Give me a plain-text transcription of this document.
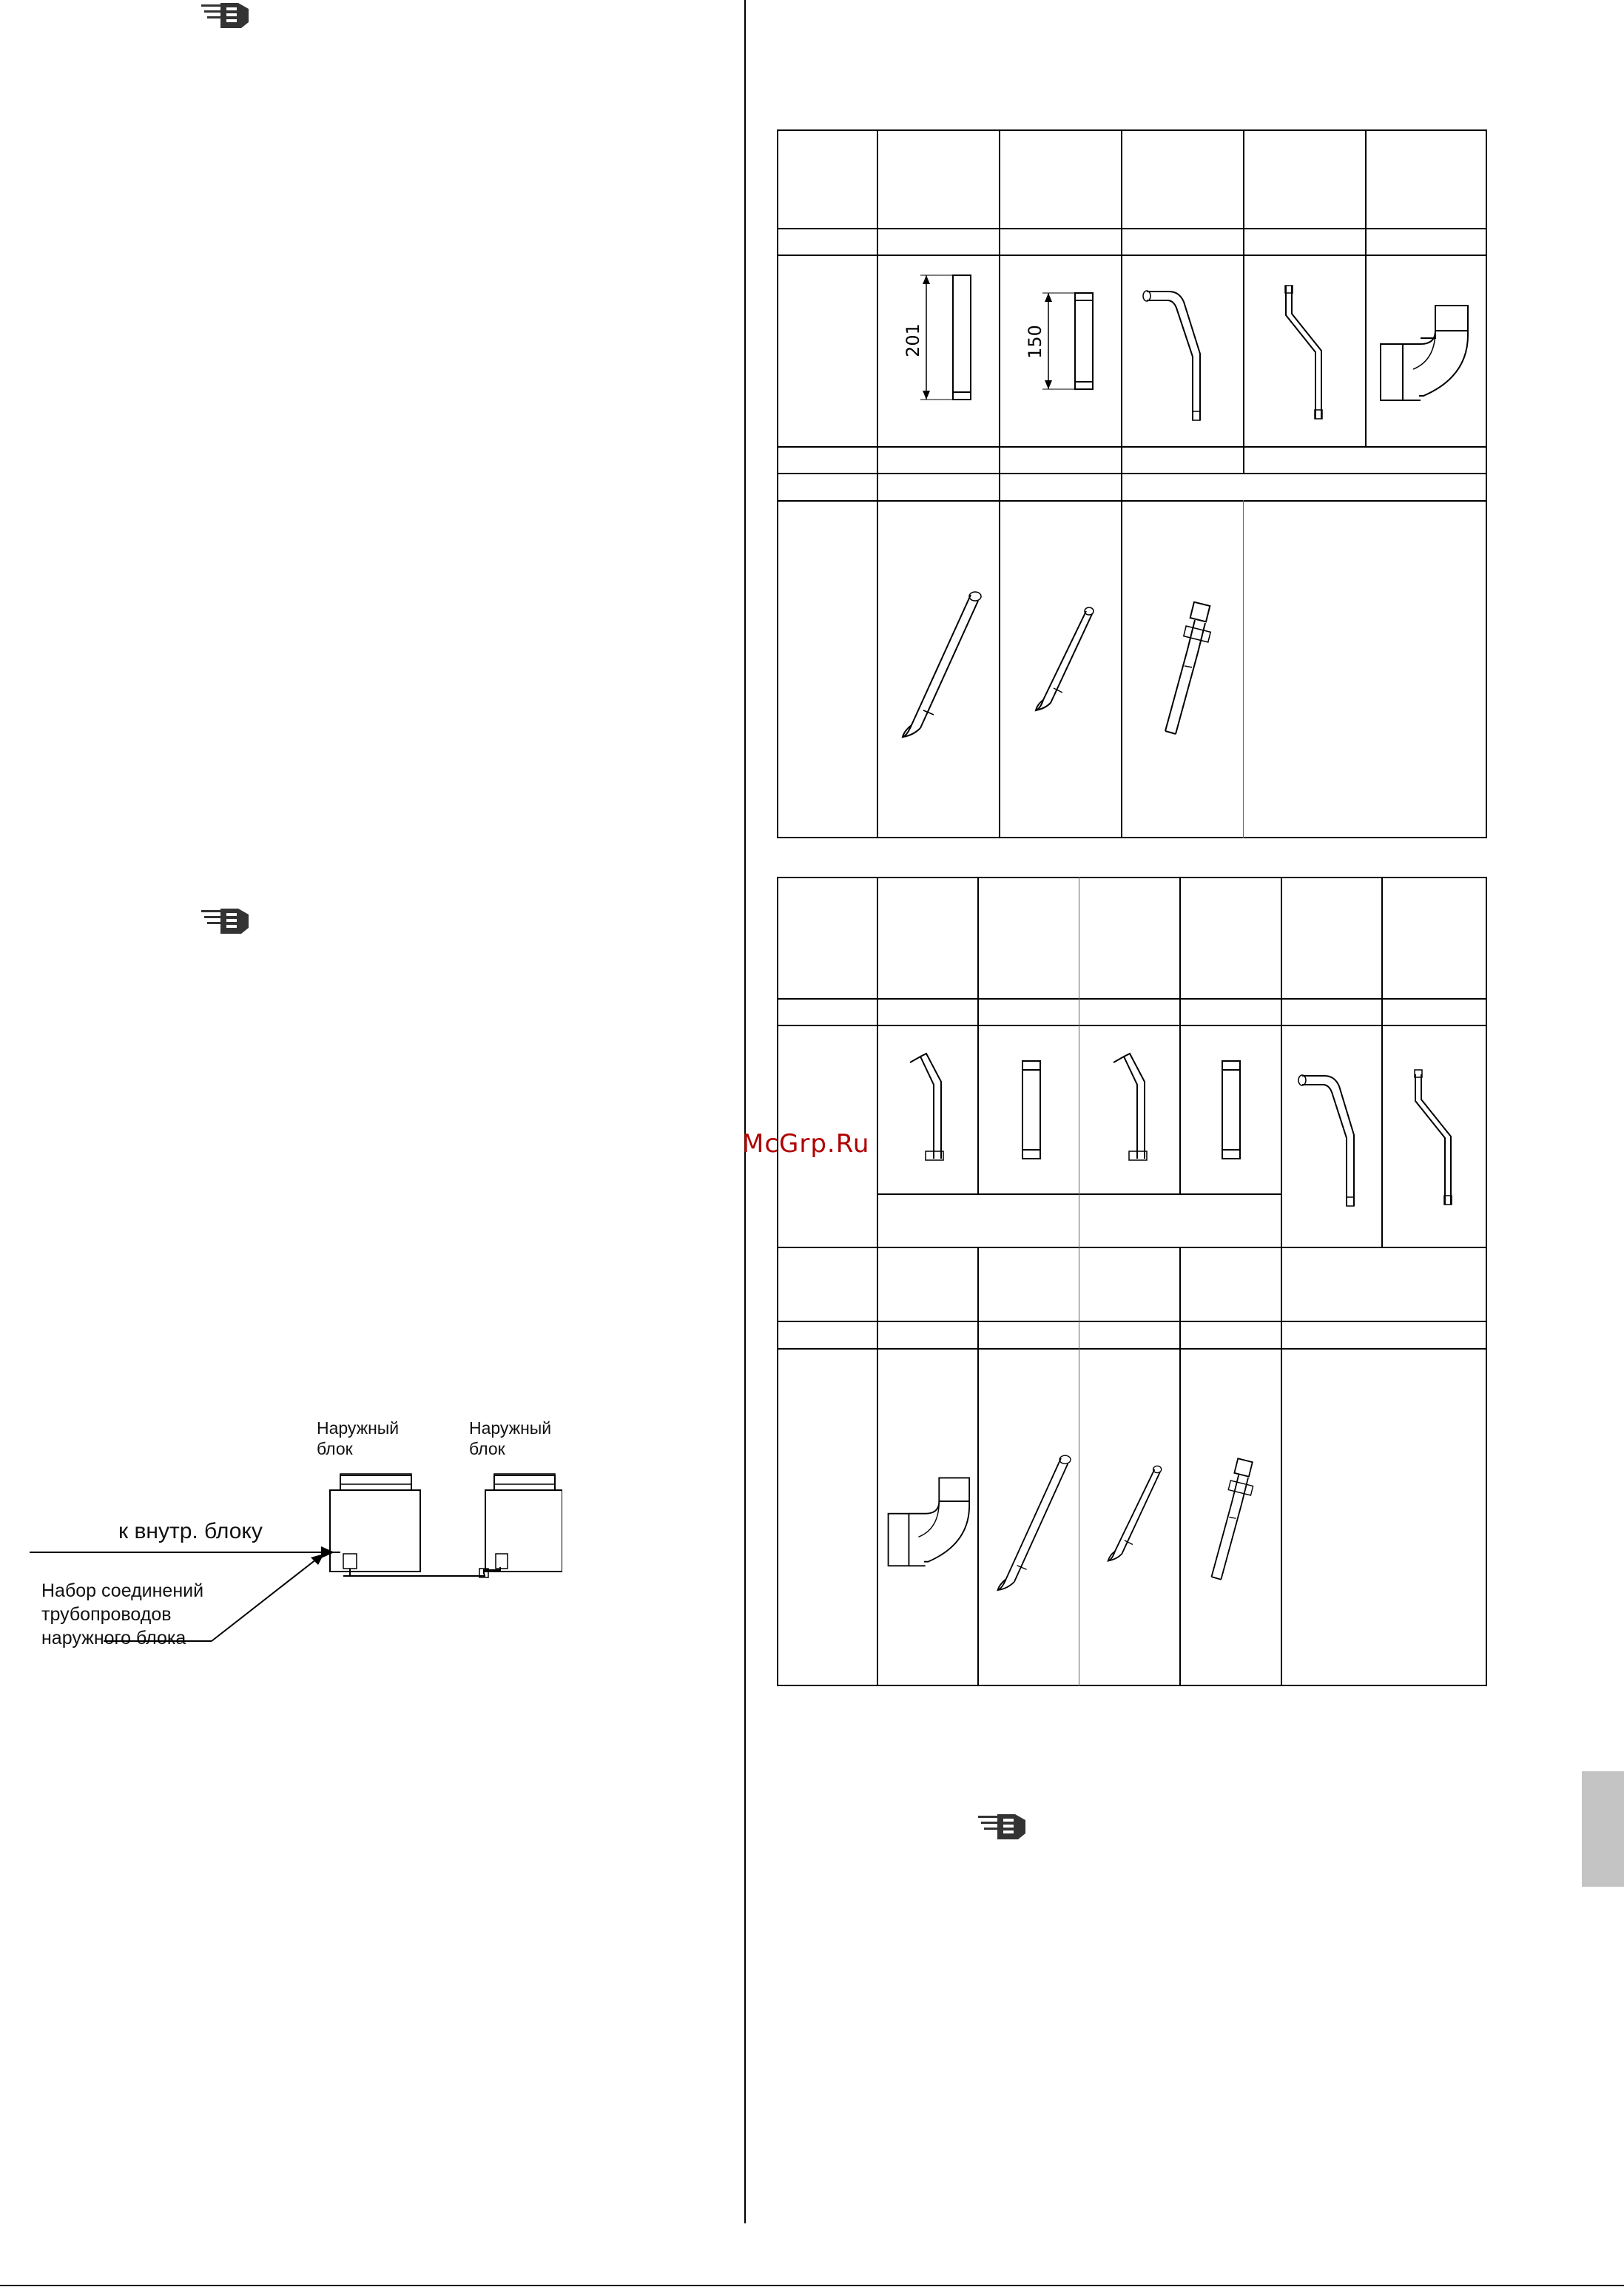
Наружный блок
Наружный блок
к внутр. блоку
Набор соединений
трубопроводов
наружного блока
201	150
McGrp.Ru
